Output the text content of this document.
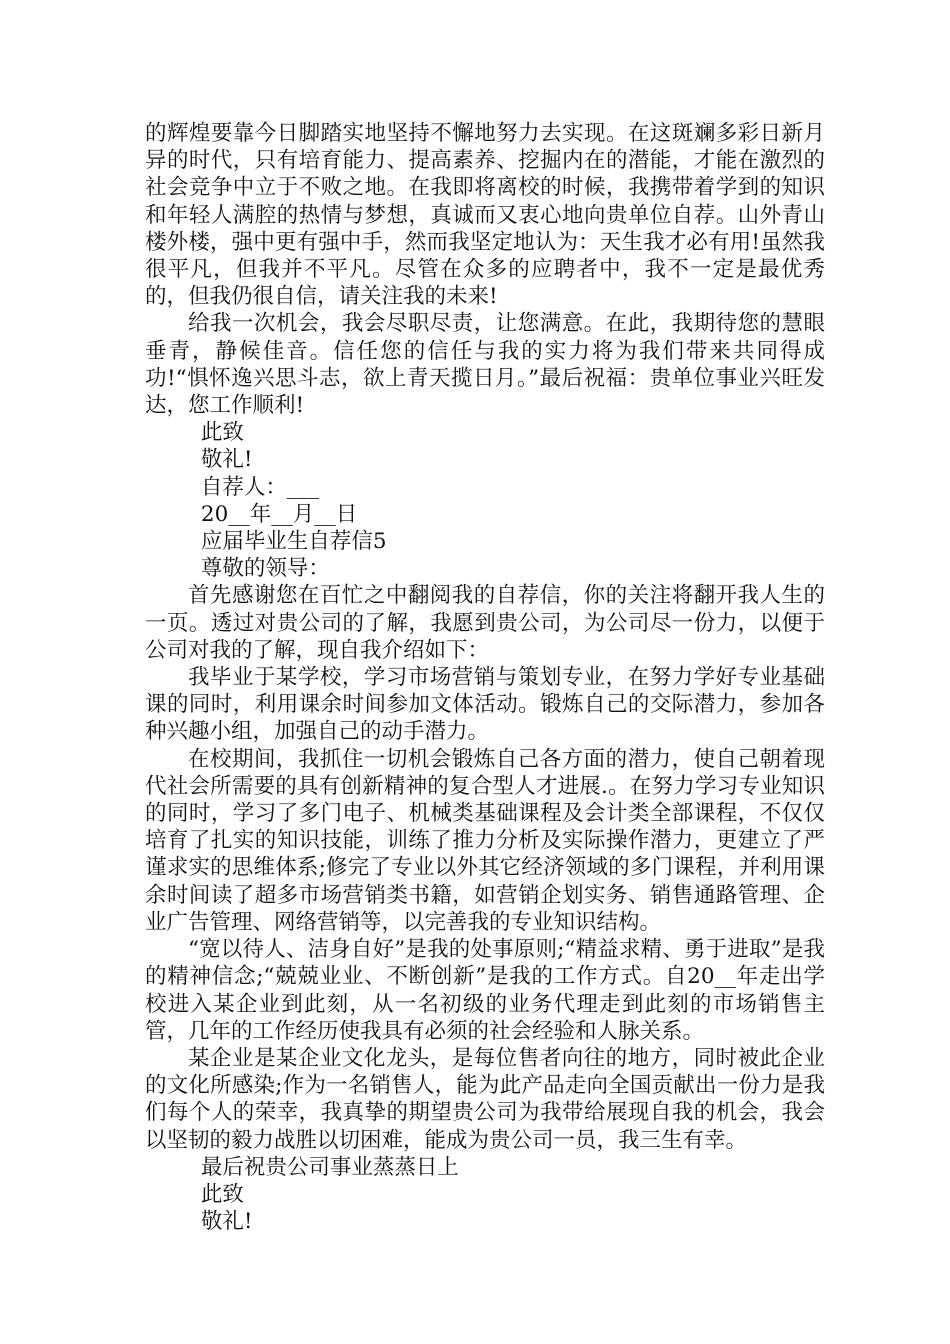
的辉煌要靠今日脚踏实地坚持不懈地努力去实现。在这斑斓多彩日新月异的时代，只有培育能力、提高素养、挖掘内在的潜能，才能在激烈的社会竞争中立于不败之地。在我即将离校的时候，我携带着学到的知识和年轻人满腔的热情与梦想，真诚而又衷心地向贵单位自荐。山外青山楼外楼，强中更有强中手，然而我坚定地认为：天生我才必有用!虽然我很平凡，但我并不平凡。尽管在众多的应聘者中，我不一定是最优秀的，但我仍很自信，请关注我的未来!

给我一次机会，我会尽职尽责，让您满意。在此，我期待您的慧眼垂青，静候佳音。信任您的信任与我的实力将为我们带来共同得成功!“惧怀逸兴思斗志，欲上青天揽日月。”最后祝福：贵单位事业兴旺发达，您工作顺利!

此致

敬礼!

自荐人：___

20__年__月__日

应届毕业生自荐信5

尊敬的领导：

首先感谢您在百忙之中翻阅我的自荐信，你的关注将翻开我人生的一页。透过对贵公司的了解，我愿到贵公司，为公司尽一份力，以便于公司对我的了解，现自我介绍如下：

我毕业于某学校，学习市场营销与策划专业，在努力学好专业基础课的同时，利用课余时间参加文体活动。锻炼自己的交际潜力，参加各种兴趣小组，加强自己的动手潜力。

在校期间，我抓住一切机会锻炼自己各方面的潜力，使自己朝着现代社会所需要的具有创新精神的复合型人才进展.。在努力学习专业知识的同时，学习了多门电子、机械类基础课程及会计类全部课程，不仅仅培育了扎实的知识技能，训练了推力分析及实际操作潜力，更建立了严谨求实的思维体系;修完了专业以外其它经济领域的多门课程，并利用课余时间读了超多市场营销类书籍，如营销企划实务、销售通路管理、企业广告管理、网络营销等，以完善我的专业知识结构。

“宽以待人、洁身自好”是我的处事原则;“精益求精、勇于进取”是我的精神信念;“兢兢业业、不断创新”是我的工作方式。自20__年走出学校进入某企业到此刻，从一名初级的业务代理走到此刻的市场销售主管，几年的工作经历使我具有必须的社会经验和人脉关系。

某企业是某企业文化龙头，是每位售者向往的地方，同时被此企业的文化所感染;作为一名销售人，能为此产品走向全国贡献出一份力是我们每个人的荣幸，我真挚的期望贵公司为我带给展现自我的机会，我会以坚韧的毅力战胜以切困难，能成为贵公司一员，我三生有幸。

最后祝贵公司事业蒸蒸日上

此致

敬礼!
